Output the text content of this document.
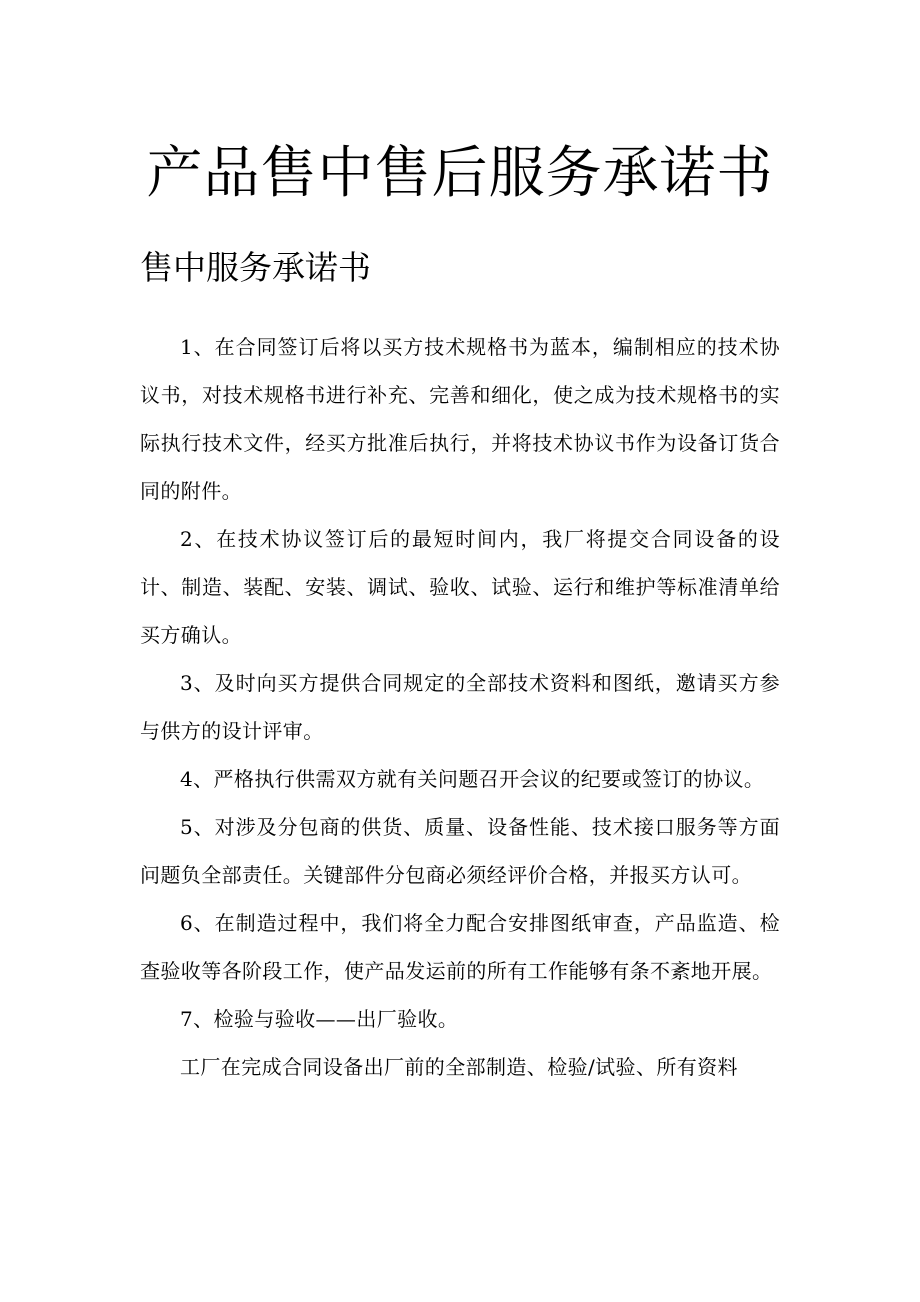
产品售中售后服务承诺书
售中服务承诺书

1、在合同签订后将以买方技术规格书为蓝本，编制相应的技术协议书，对技术规格书进行补充、完善和细化，使之成为技术规格书的实际执行技术文件，经买方批准后执行，并将技术协议书作为设备订货合同的附件。

2、在技术协议签订后的最短时间内，我厂将提交合同设备的设计、制造、装配、安装、调试、验收、试验、运行和维护等标准清单给买方确认。

3、及时向买方提供合同规定的全部技术资料和图纸，邀请买方参与供方的设计评审。

4、严格执行供需双方就有关问题召开会议的纪要或签订的协议。

5、对涉及分包商的供货、质量、设备性能、技术接口服务等方面问题负全部责任。关键部件分包商必须经评价合格，并报买方认可。

6、在制造过程中，我们将全力配合安排图纸审查，产品监造、检查验收等各阶段工作，使产品发运前的所有工作能够有条不紊地开展。

7、检验与验收——出厂验收。

工厂在完成合同设备出厂前的全部制造、检验/试验、所有资料
